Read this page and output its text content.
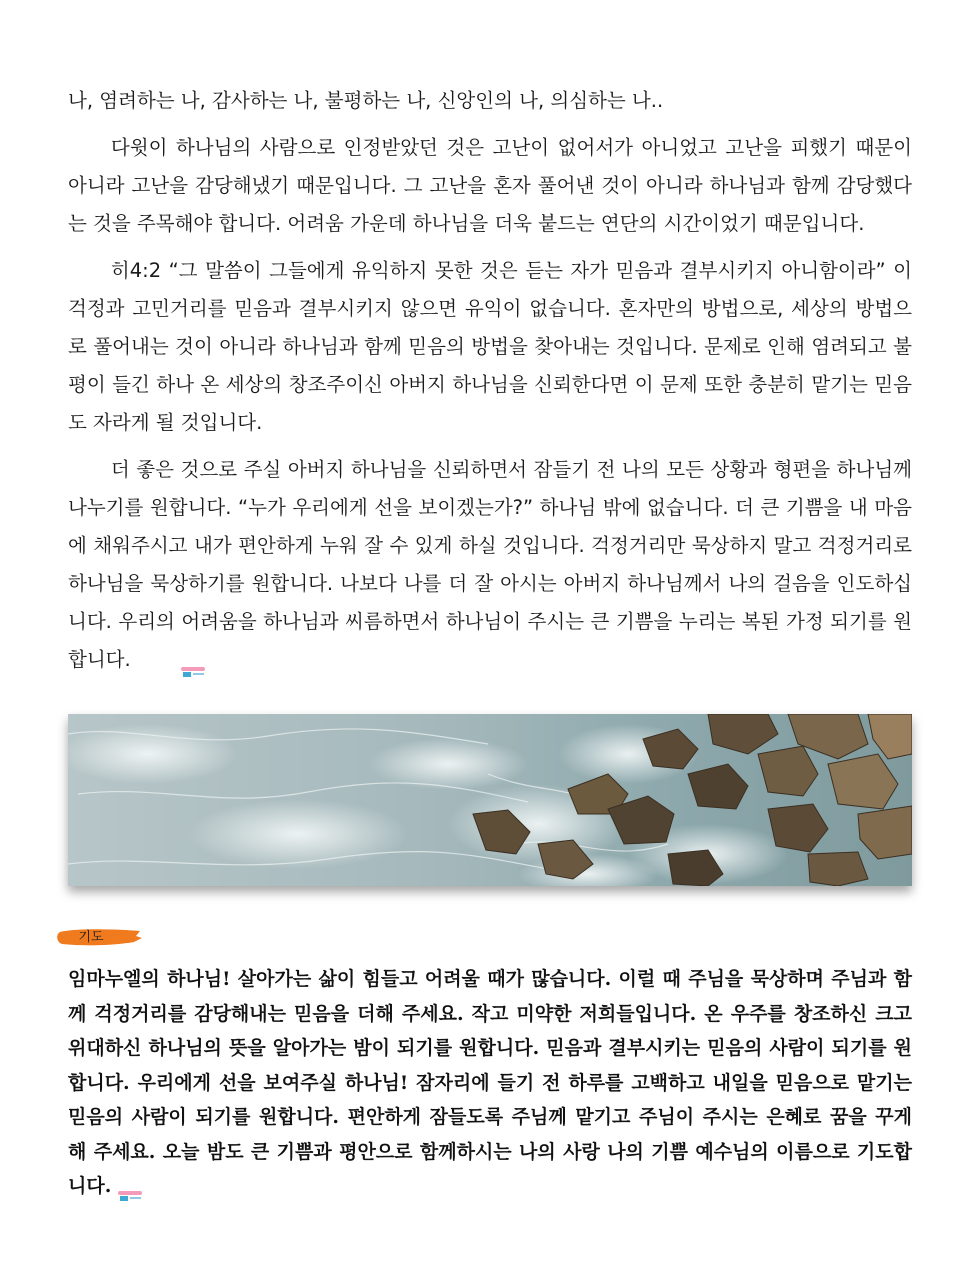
나, 염려하는 나, 감사하는 나, 불평하는 나, 신앙인의 나, 의심하는 나..

다윗이 하나님의 사람으로 인정받았던 것은 고난이 없어서가 아니었고 고난을 피했기 때문이 아니라 고난을 감당해냈기 때문입니다. 그 고난을 혼자 풀어낸 것이 아니라 하나님과 함께 감당했다는 것을 주목해야 합니다. 어려움 가운데 하나님을 더욱 붙드는 연단의 시간이었기 때문입니다.

히4:2 “그 말씀이 그들에게 유익하지 못한 것은 듣는 자가 믿음과 결부시키지 아니함이라” 이 걱정과 고민거리를 믿음과 결부시키지 않으면 유익이 없습니다. 혼자만의 방법으로, 세상의 방법으로 풀어내는 것이 아니라 하나님과 함께 믿음의 방법을 찾아내는 것입니다. 문제로 인해 염려되고 불평이 들긴 하나 온 세상의 창조주이신 아버지 하나님을 신뢰한다면 이 문제 또한 충분히 맡기는 믿음도 자라게 될 것입니다.

더 좋은 것으로 주실 아버지 하나님을 신뢰하면서 잠들기 전 나의 모든 상황과 형편을 하나님께 나누기를 원합니다. “누가 우리에게 선을 보이겠는가?” 하나님 밖에 없습니다. 더 큰 기쁨을 내 마음에 채워주시고 내가 편안하게 누워 잘 수 있게 하실 것입니다. 걱정거리만 묵상하지 말고 걱정거리로 하나님을 묵상하기를 원합니다. 나보다 나를 더 잘 아시는 아버지 하나님께서 나의 걸음을 인도하십니다. 우리의 어려움을 하나님과 씨름하면서 하나님이 주시는 큰 기쁨을 누리는 복된 가정 되기를 원합니다.

기도

임마누엘의 하나님! 살아가는 삶이 힘들고 어려울 때가 많습니다. 이럴 때 주님을 묵상하며 주님과 함께 걱정거리를 감당해내는 믿음을 더해 주세요. 작고 미약한 저희들입니다. 온 우주를 창조하신 크고 위대하신 하나님의 뜻을 알아가는 밤이 되기를 원합니다. 믿음과 결부시키는 믿음의 사람이 되기를 원합니다. 우리에게 선을 보여주실 하나님! 잠자리에 들기 전 하루를 고백하고 내일을 믿음으로 맡기는 믿음의 사람이 되기를 원합니다. 편안하게 잠들도록 주님께 맡기고 주님이 주시는 은혜로 꿈을 꾸게 해 주세요. 오늘 밤도 큰 기쁨과 평안으로 함께하시는 나의 사랑 나의 기쁨 예수님의 이름으로 기도합니다.
